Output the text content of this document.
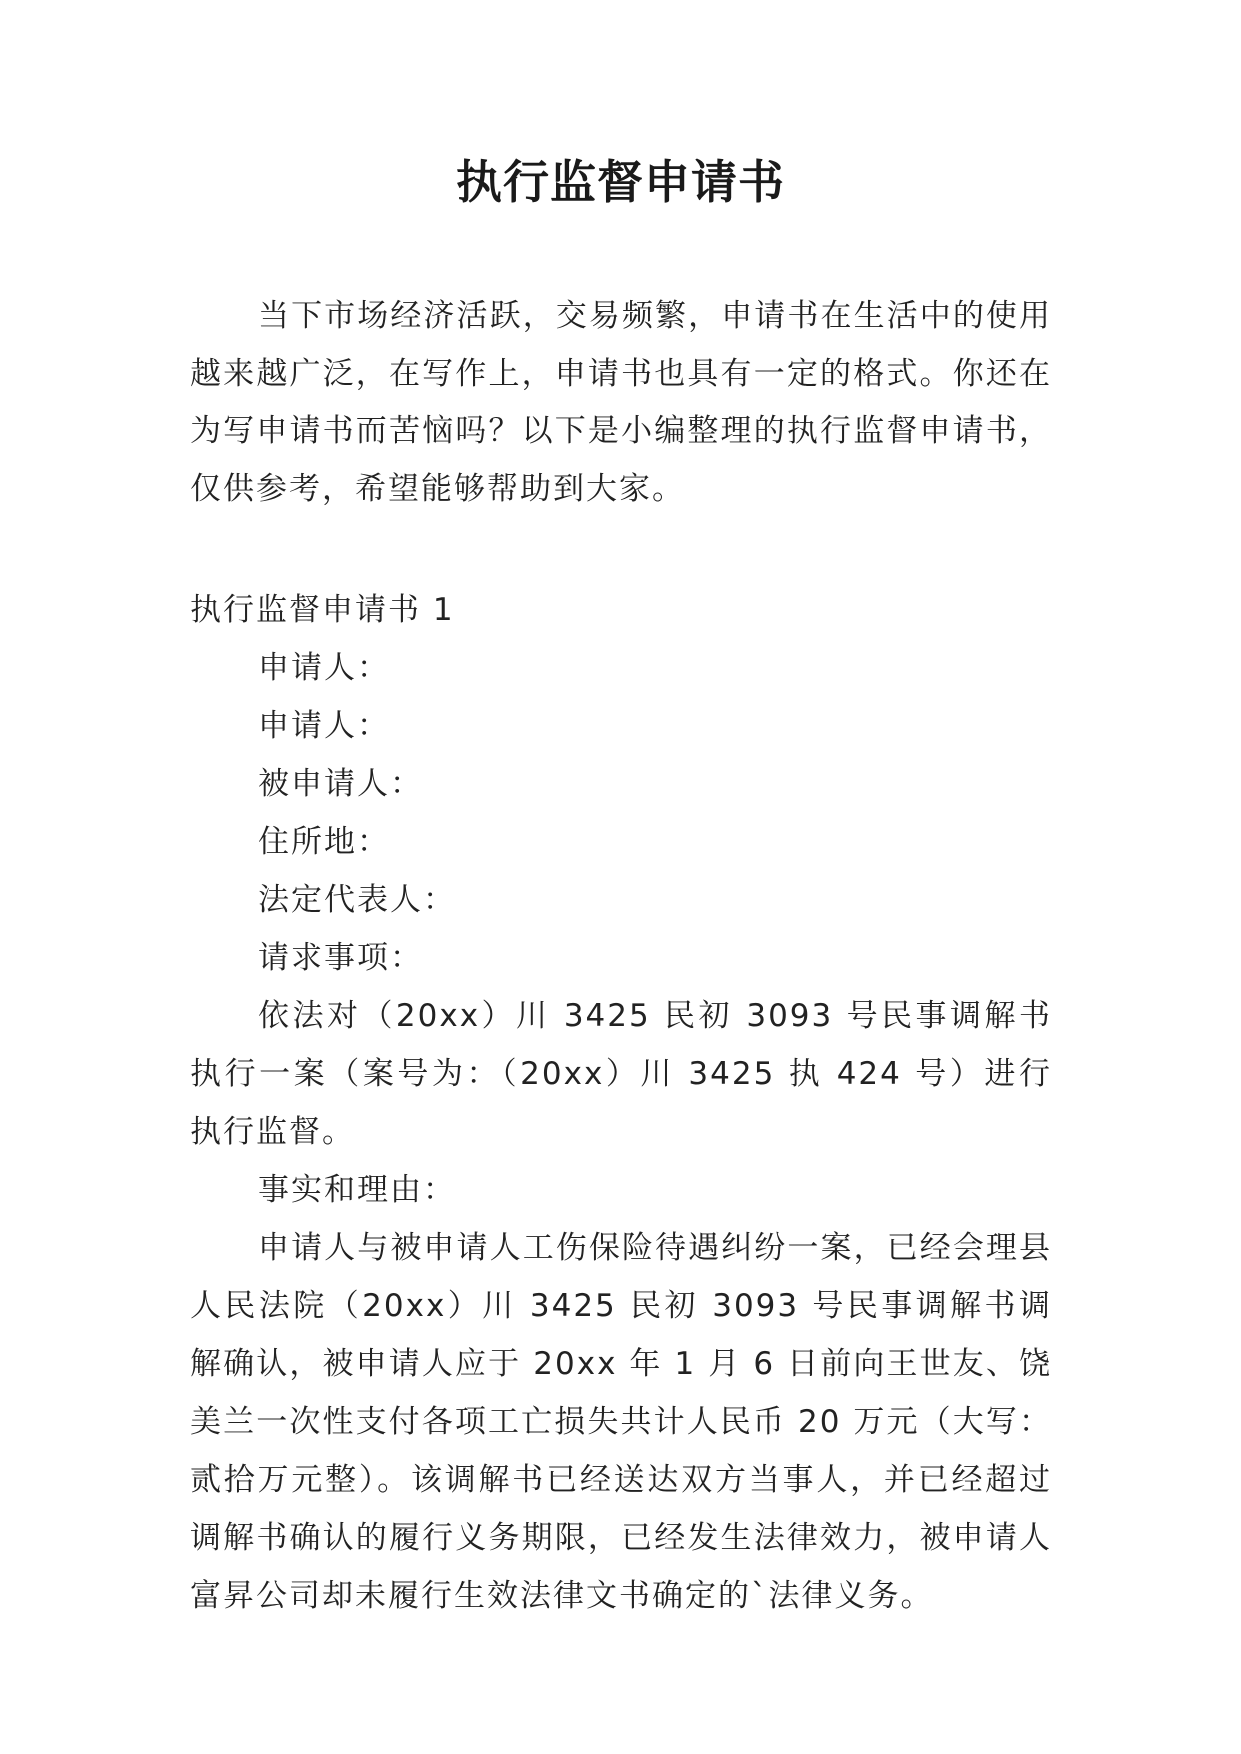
执行监督申请书

当下市场经济活跃，交易频繁，申请书在生活中的使用越来越广泛，在写作上，申请书也具有一定的格式。你还在为写申请书而苦恼吗？以下是小编整理的执行监督申请书，仅供参考，希望能够帮助到大家。

执行监督申请书 1

申请人：

申请人：

被申请人：

住所地：

法定代表人：

请求事项：

依法对（20xx）川 3425 民初 3093 号民事调解书执行一案（案号为：（20xx）川 3425 执 424 号）进行执行监督。

事实和理由：

申请人与被申请人工伤保险待遇纠纷一案，已经会理县人民法院（20xx）川 3425 民初 3093 号民事调解书调解确认，被申请人应于 20xx 年 1 月 6 日前向王世友、饶美兰一次性支付各项工亡损失共计人民币 20 万元（大写：贰拾万元整）。该调解书已经送达双方当事人，并已经超过调解书确认的履行义务期限，已经发生法律效力，被申请人富昇公司却未履行生效法律文书确定的`法律义务。
